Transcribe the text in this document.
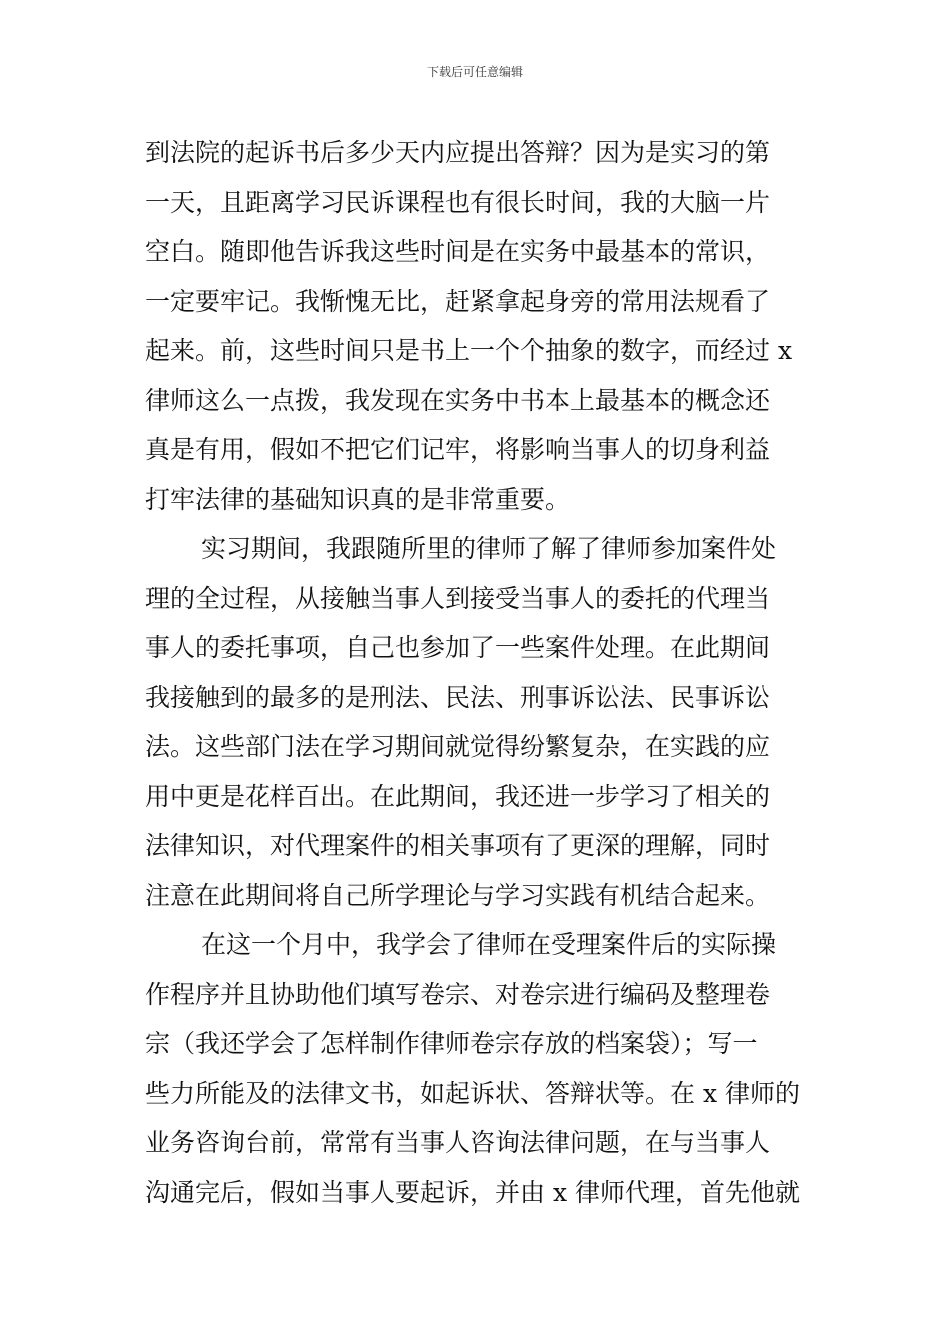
下载后可任意编辑
到法院的起诉书后多少天内应提出答辩？因为是实习的第
一天，且距离学习民诉课程也有很长时间，我的大脑一片
空白。随即他告诉我这些时间是在实务中最基本的常识，
一定要牢记。我惭愧无比，赶紧拿起身旁的常用法规看了
起来。前，这些时间只是书上一个个抽象的数字，而经过 x
律师这么一点拨，我发现在实务中书本上最基本的概念还
真是有用，假如不把它们记牢，将影响当事人的切身利益
打牢法律的基础知识真的是非常重要。
实习期间，我跟随所里的律师了解了律师参加案件处
理的全过程，从接触当事人到接受当事人的委托的代理当
事人的委托事项，自己也参加了一些案件处理。在此期间
我接触到的最多的是刑法、民法、刑事诉讼法、民事诉讼
法。这些部门法在学习期间就觉得纷繁复杂，在实践的应
用中更是花样百出。在此期间，我还进一步学习了相关的
法律知识，对代理案件的相关事项有了更深的理解，同时
注意在此期间将自己所学理论与学习实践有机结合起来。
在这一个月中，我学会了律师在受理案件后的实际操
作程序并且协助他们填写卷宗、对卷宗进行编码及整理卷
宗（我还学会了怎样制作律师卷宗存放的档案袋）；写一
些力所能及的法律文书，如起诉状、答辩状等。在 x 律师的
业务咨询台前，常常有当事人咨询法律问题，在与当事人
沟通完后，假如当事人要起诉，并由 x 律师代理，首先他就
